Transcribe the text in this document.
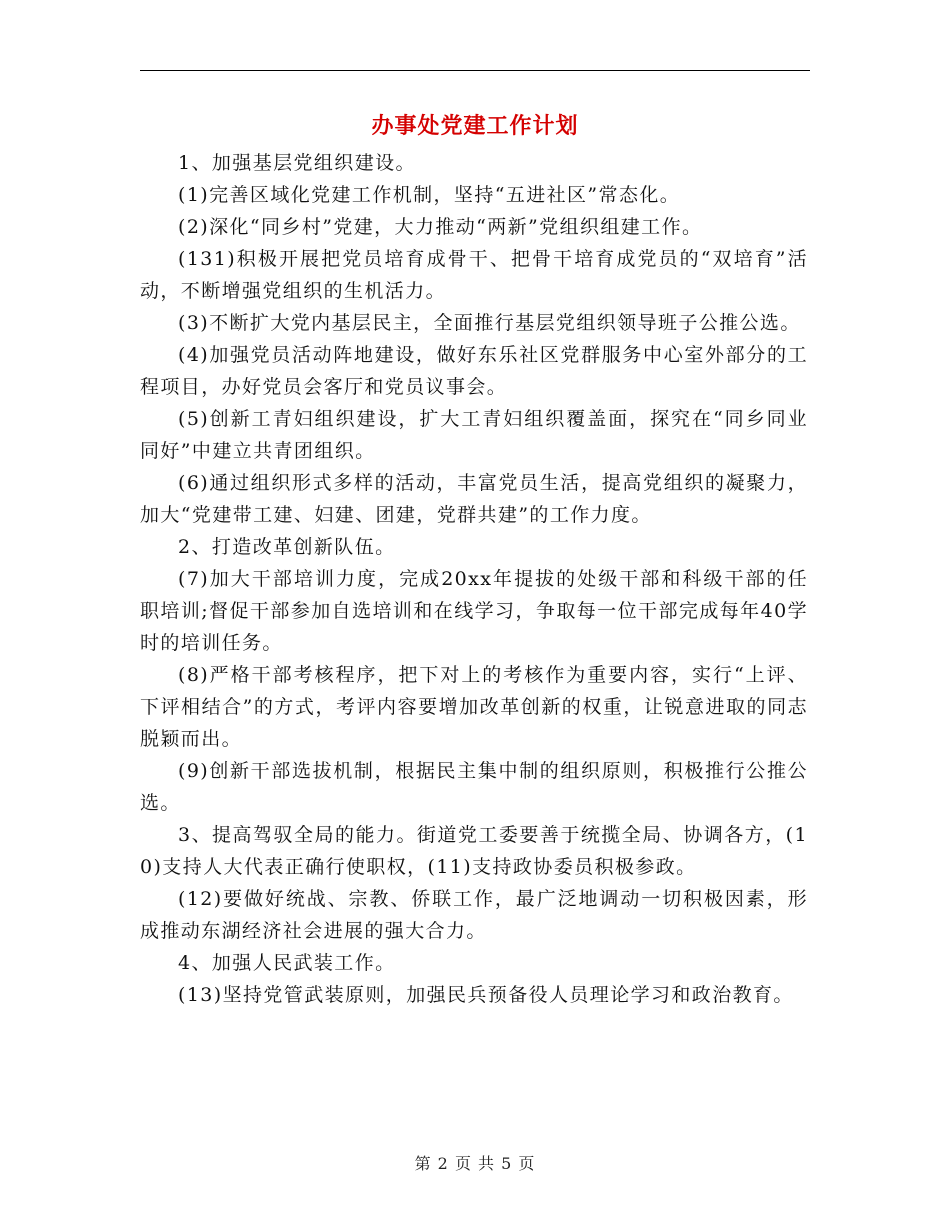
办事处党建工作计划

1、加强基层党组织建设。

(1)完善区域化党建工作机制，坚持“五进社区”常态化。

(2)深化“同乡村”党建，大力推动“两新”党组织组建工作。

(131)积极开展把党员培育成骨干、把骨干培育成党员的“双培育”活动，不断增强党组织的生机活力。

(3)不断扩大党内基层民主，全面推行基层党组织领导班子公推公选。

(4)加强党员活动阵地建设，做好东乐社区党群服务中心室外部分的工程项目，办好党员会客厅和党员议事会。

(5)创新工青妇组织建设，扩大工青妇组织覆盖面，探究在“同乡同业同好”中建立共青团组织。

(6)通过组织形式多样的活动，丰富党员生活，提高党组织的凝聚力，加大“党建带工建、妇建、团建，党群共建”的工作力度。

2、打造改革创新队伍。

(7)加大干部培训力度，完成20xx年提拔的处级干部和科级干部的任职培训;督促干部参加自选培训和在线学习，争取每一位干部完成每年40学时的培训任务。

(8)严格干部考核程序，把下对上的考核作为重要内容，实行“上评、下评相结合”的方式，考评内容要增加改革创新的权重，让锐意进取的同志脱颖而出。

(9)创新干部选拔机制，根据民主集中制的组织原则，积极推行公推公选。

3、提高驾驭全局的能力。街道党工委要善于统揽全局、协调各方，(10)支持人大代表正确行使职权，(11)支持政协委员积极参政。

(12)要做好统战、宗教、侨联工作，最广泛地调动一切积极因素，形成推动东湖经济社会进展的强大合力。

4、加强人民武装工作。

(13)坚持党管武装原则，加强民兵预备役人员理论学习和政治教育。

第 2 页 共 5 页
